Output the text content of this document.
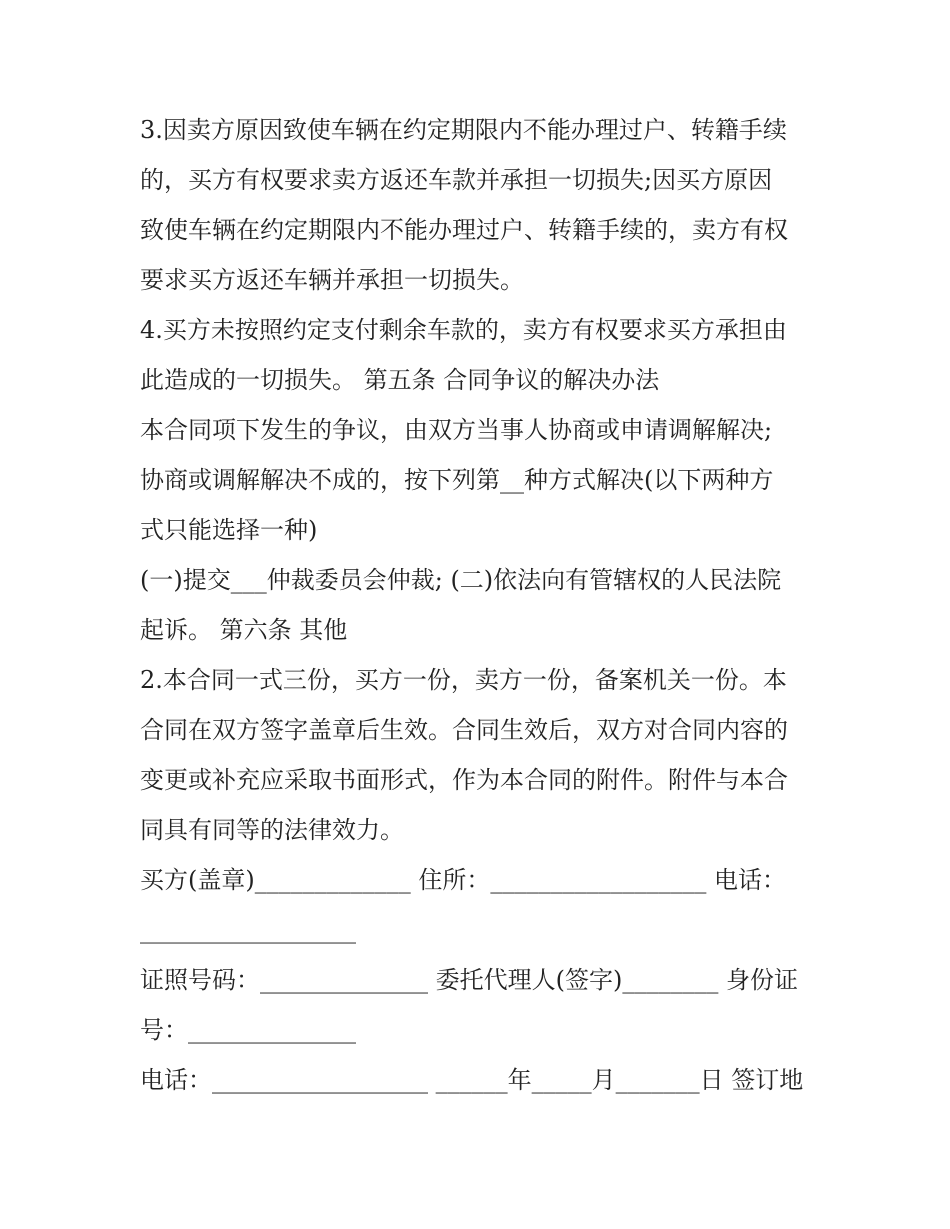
3.因卖方原因致使车辆在约定期限内不能办理过户、转籍手续
的，买方有权要求卖方返还车款并承担一切损失;因买方原因
致使车辆在约定期限内不能办理过户、转籍手续的，卖方有权
要求买方返还车辆并承担一切损失。
4.买方未按照约定支付剩余车款的，卖方有权要求买方承担由
此造成的一切损失。 第五条 合同争议的解决办法
本合同项下发生的争议，由双方当事人协商或申请调解解决;
协商或调解解决不成的，按下列第__种方式解决(以下两种方
式只能选择一种)
(一)提交___仲裁委员会仲裁; (二)依法向有管辖权的人民法院
起诉。 第六条 其他
2.本合同一式三份，买方一份，卖方一份，备案机关一份。本
合同在双方签字盖章后生效。合同生效后，双方对合同内容的
变更或补充应采取书面形式，作为本合同的附件。附件与本合
同具有同等的法律效力。
买方(盖章)_____________ 住所：__________________ 电话：
__________________
证照号码：______________ 委托代理人(签字)________ 身份证
号：______________
电话：__________________ ______年_____月_______日 签订地
